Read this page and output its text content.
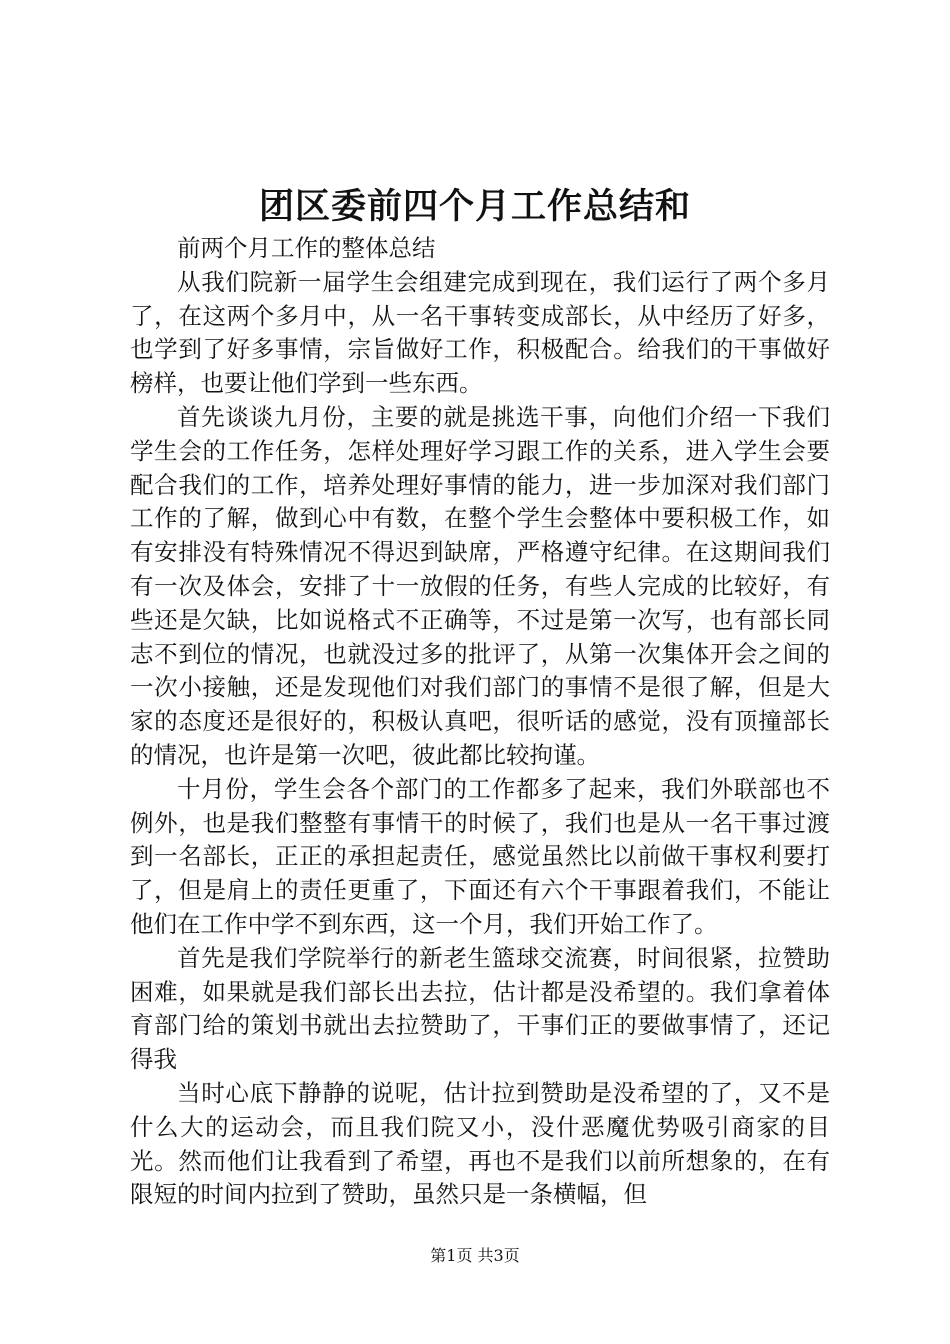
团区委前四个月工作总结和

前两个月工作的整体总结

从我们院新一届学生会组建完成到现在，我们运行了两个多月了，在这两个多月中，从一名干事转变成部长，从中经历了好多，也学到了好多事情，宗旨做好工作，积极配合。给我们的干事做好榜样，也要让他们学到一些东西。

首先谈谈九月份，主要的就是挑选干事，向他们介绍一下我们学生会的工作任务，怎样处理好学习跟工作的关系，进入学生会要配合我们的工作，培养处理好事情的能力，进一步加深对我们部门工作的了解，做到心中有数，在整个学生会整体中要积极工作，如有安排没有特殊情况不得迟到缺席，严格遵守纪律。在这期间我们有一次及体会，安排了十一放假的任务，有些人完成的比较好，有些还是欠缺，比如说格式不正确等，不过是第一次写，也有部长同志不到位的情况，也就没过多的批评了，从第一次集体开会之间的一次小接触，还是发现他们对我们部门的事情不是很了解，但是大家的态度还是很好的，积极认真吧，很听话的感觉，没有顶撞部长的情况，也许是第一次吧，彼此都比较拘谨。

十月份，学生会各个部门的工作都多了起来，我们外联部也不例外，也是我们整整有事情干的时候了，我们也是从一名干事过渡到一名部长，正正的承担起责任，感觉虽然比以前做干事权利要打了，但是肩上的责任更重了，下面还有六个干事跟着我们，不能让他们在工作中学不到东西，这一个月，我们开始工作了。

首先是我们学院举行的新老生篮球交流赛，时间很紧，拉赞助困难，如果就是我们部长出去拉，估计都是没希望的。我们拿着体育部门给的策划书就出去拉赞助了，干事们正的要做事情了，还记得我

当时心底下静静的说呢，估计拉到赞助是没希望的了，又不是什么大的运动会，而且我们院又小，没什恶魔优势吸引商家的目光。然而他们让我看到了希望，再也不是我们以前所想象的，在有限短的时间内拉到了赞助，虽然只是一条横幅，但

第1页 共3页
